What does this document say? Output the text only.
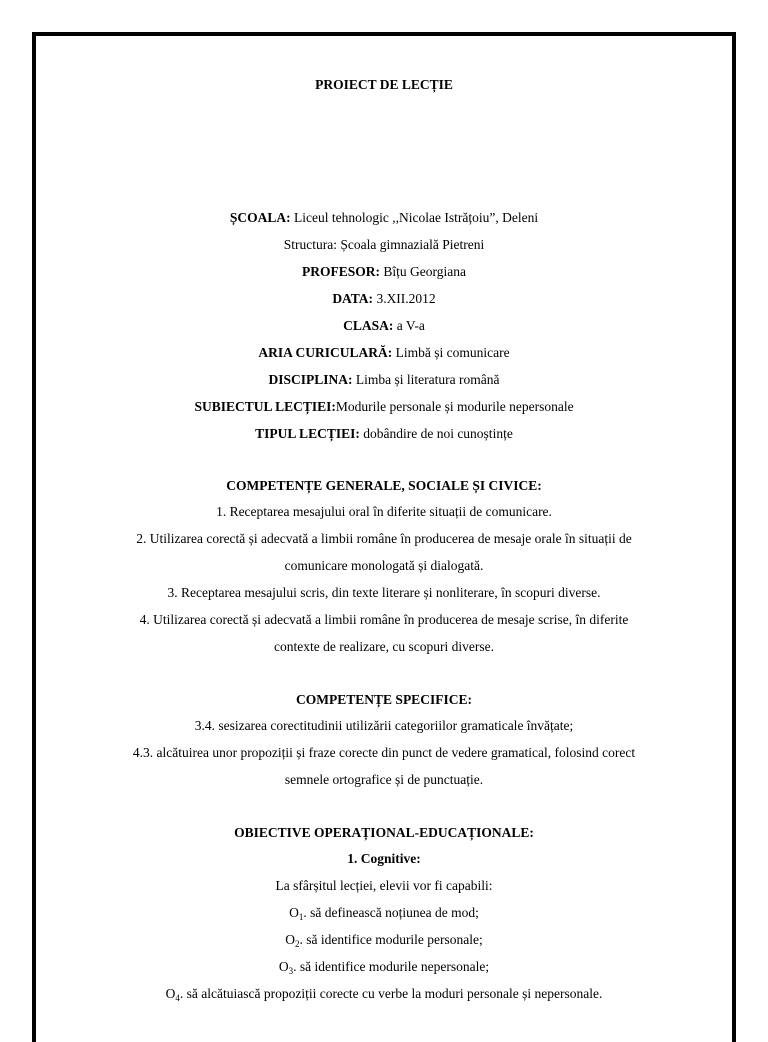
PROIECT DE LECȚIE
ȘCOALA: Liceul tehnologic ,,Nicolae Istrățoiu”, Deleni
Structura: Școala gimnazială Pietreni
PROFESOR: Bîțu Georgiana
DATA: 3.XII.2012
CLASA: a V-a
ARIA CURICULARĂ: Limbă și comunicare
DISCIPLINA: Limba și literatura română
SUBIECTUL LECȚIEI:Modurile personale și modurile nepersonale
TIPUL LECȚIEI: dobândire de noi cunoștințe
COMPETENȚE GENERALE, SOCIALE ȘI CIVICE:
1. Receptarea mesajului oral în diferite situații de comunicare.
2. Utilizarea corectă și adecvată a limbii române în producerea de mesaje orale în situații de
comunicare monologată și dialogată.
3. Receptarea mesajului scris, din texte literare și nonliterare, în scopuri diverse.
4. Utilizarea corectă și adecvată a limbii române în producerea de mesaje scrise, în diferite
contexte de realizare, cu scopuri diverse.
COMPETENȚE SPECIFICE:
3.4. sesizarea corectitudinii utilizării categoriilor gramaticale învățate;
4.3. alcătuirea unor propoziții și fraze corecte din punct de vedere gramatical, folosind corect
semnele ortografice și de punctuație.
OBIECTIVE OPERAȚIONAL-EDUCAȚIONALE:
1. Cognitive:
La sfârșitul lecției, elevii vor fi capabili:
$O_1$. să definească noțiunea de mod;
$O_2$. să identifice modurile personale;
$O_3$. să identifice modurile nepersonale;
$O_4$. să alcătuiască propoziții corecte cu verbe la moduri personale și nepersonale.
